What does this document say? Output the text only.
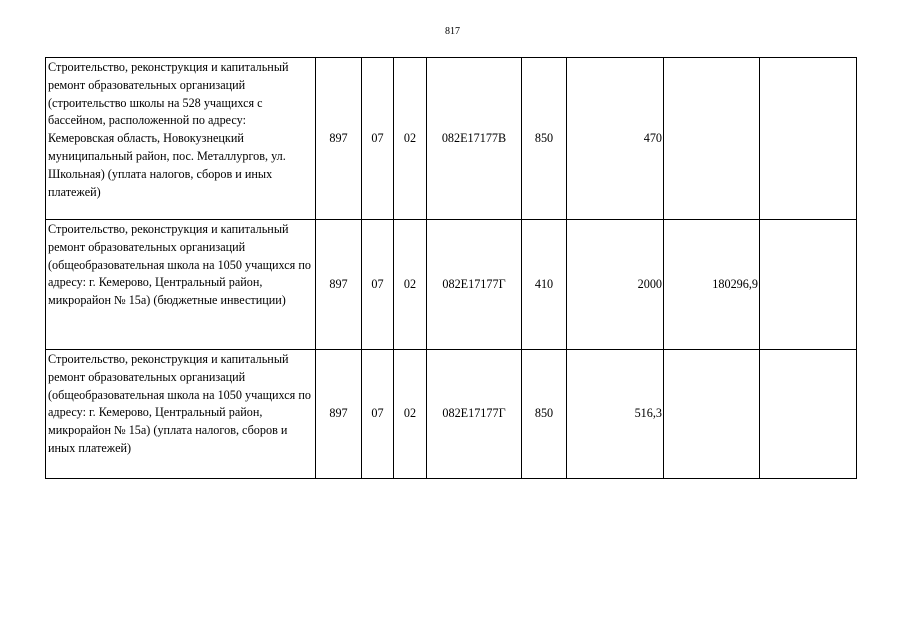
817
Строительство, реконструкция и капитальный ремонт образовательных организаций (строительство школы на 528 учащихся с бассейном, расположенной по адресу: Кемеровская область, Новокузнецкий муниципальный район, пос. Металлургов, ул. Школьная) (уплата налогов, сборов и иных платежей)	897	07	02	082E17177В	850	470		
Строительство, реконструкция и капитальный ремонт образовательных организаций (общеобразовательная школа на 1050 учащихся по адресу: г. Кемерово, Центральный район, микрорайон № 15а) (бюджетные инвестиции)	897	07	02	082E17177Г	410	2000	180296,9	
Строительство, реконструкция и капитальный ремонт образовательных организаций (общеобразовательная школа на 1050 учащихся по адресу: г. Кемерово, Центральный район, микрорайон № 15а) (уплата налогов, сборов и иных платежей)	897	07	02	082E17177Г	850	516,3		
